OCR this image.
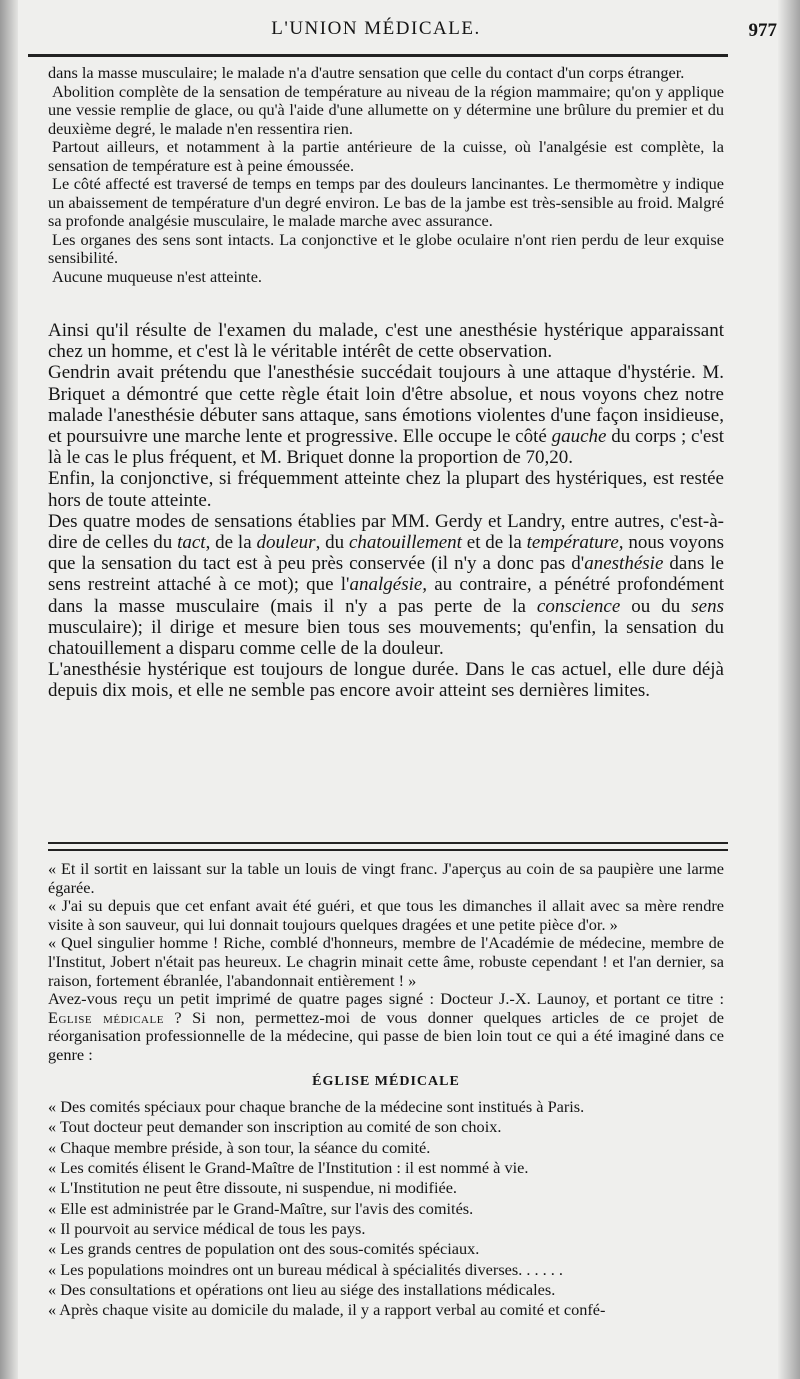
L'UNION MÉDICALE.	977

dans la masse musculaire; le malade n'a d'autre sensation que celle du contact d'un corps étranger.

Abolition complète de la sensation de température au niveau de la région mammaire; qu'on y applique une vessie remplie de glace, ou qu'à l'aide d'une allumette on y détermine une brûlure du premier et du deuxième degré, le malade n'en ressentira rien.

Partout ailleurs, et notamment à la partie antérieure de la cuisse, où l'analgésie est complète, la sensation de température est à peine émoussée.

Le côté affecté est traversé de temps en temps par des douleurs lancinantes. Le thermomètre y indique un abaissement de température d'un degré environ. Le bas de la jambe est très-sensible au froid. Malgré sa profonde analgésie musculaire, le malade marche avec assurance.

Les organes des sens sont intacts. La conjonctive et le globe oculaire n'ont rien perdu de leur exquise sensibilité.

Aucune muqueuse n'est atteinte.

Ainsi qu'il résulte de l'examen du malade, c'est une anesthésie hystérique apparaissant chez un homme, et c'est là le véritable intérêt de cette observation.

Gendrin avait prétendu que l'anesthésie succédait toujours à une attaque d'hystérie. M. Briquet a démontré que cette règle était loin d'être absolue, et nous voyons chez notre malade l'anesthésie débuter sans attaque, sans émotions violentes d'une façon insidieuse, et poursuivre une marche lente et progressive. Elle occupe le côté gauche du corps ; c'est là le cas le plus fréquent, et M. Briquet donne la proportion de 70,20.

Enfin, la conjonctive, si fréquemment atteinte chez la plupart des hystériques, est restée hors de toute atteinte.

Des quatre modes de sensations établies par MM. Gerdy et Landry, entre autres, c'est-à-dire de celles du tact, de la douleur, du chatouillement et de la température, nous voyons que la sensation du tact est à peu près conservée (il n'y a donc pas d'anesthésie dans le sens restreint attaché à ce mot); que l'analgésie, au contraire, a pénétré profondément dans la masse musculaire (mais il n'y a pas perte de la conscience ou du sens musculaire); il dirige et mesure bien tous ses mouvements; qu'enfin, la sensation du chatouillement a disparu comme celle de la douleur.

L'anesthésie hystérique est toujours de longue durée. Dans le cas actuel, elle dure déjà depuis dix mois, et elle ne semble pas encore avoir atteint ses dernières limites.

« Et il sortit en laissant sur la table un louis de vingt franc. J'aperçus au coin de sa paupière une larme égarée.

« J'ai su depuis que cet enfant avait été guéri, et que tous les dimanches il allait avec sa mère rendre visite à son sauveur, qui lui donnait toujours quelques dragées et une petite pièce d'or. »

« Quel singulier homme ! Riche, comblé d'honneurs, membre de l'Académie de médecine, membre de l'Institut, Jobert n'était pas heureux. Le chagrin minait cette âme, robuste cependant ! et l'an dernier, sa raison, fortement ébranlée, l'abandonnait entièrement ! »

Avez-vous reçu un petit imprimé de quatre pages signé : Docteur J.-X. Launoy, et portant ce titre : Eglise médicale ? Si non, permettez-moi de vous donner quelques articles de ce projet de réorganisation professionnelle de la médecine, qui passe de bien loin tout ce qui a été imaginé dans ce genre :

ÉGLISE MÉDICALE

« Des comités spéciaux pour chaque branche de la médecine sont institués à Paris.
« Tout docteur peut demander son inscription au comité de son choix.
« Chaque membre préside, à son tour, la séance du comité.
« Les comités élisent le Grand-Maître de l'Institution : il est nommé à vie.
« L'Institution ne peut être dissoute, ni suspendue, ni modifiée.
« Elle est administrée par le Grand-Maître, sur l'avis des comités.
« Il pourvoit au service médical de tous les pays.
« Les grands centres de population ont des sous-comités spéciaux.
« Les populations moindres ont un bureau médical à spécialités diverses. . . . . .
« Des consultations et opérations ont lieu au siége des installations médicales.
« Après chaque visite au domicile du malade, il y a rapport verbal au comité et confé-
